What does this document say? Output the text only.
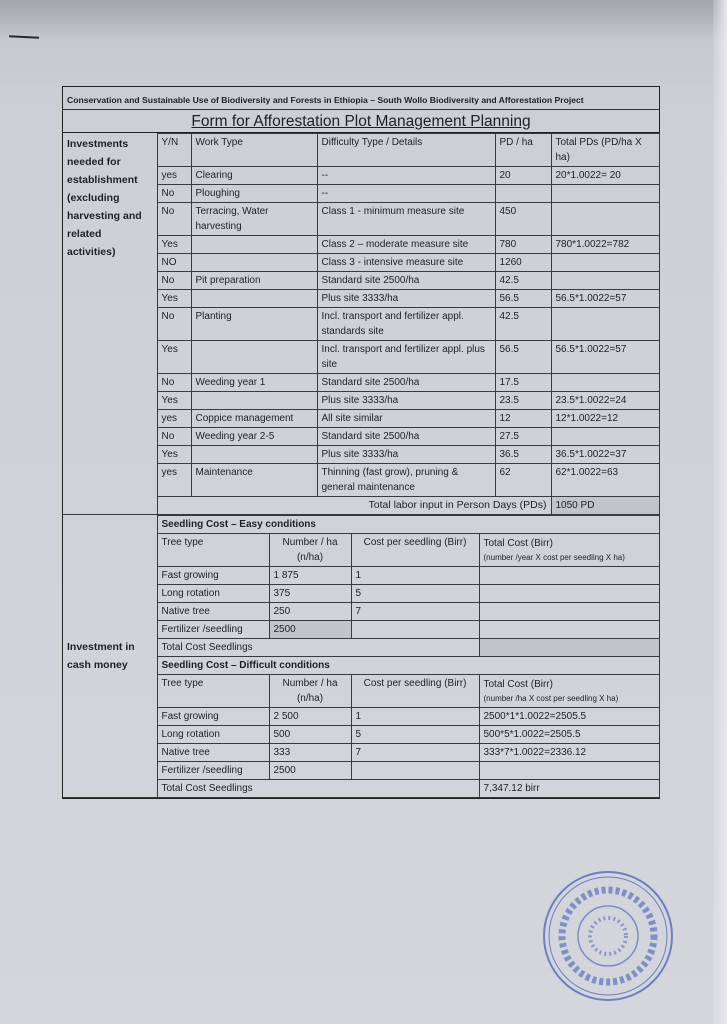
Conservation and Sustainable Use of Biodiversity and Forests in Ethiopia – South Wollo Biodiversity and Afforestation Project
Form for Afforestation Plot Management Planning
Investments needed for establishment (excluding harvesting and related activities)	Y/N	Work Type	Difficulty Type / Details	PD / ha	Total PDs (PD/ha X ha)
	yes	Clearing	--	20	20*1.0022= 20
	No	Ploughing	--		
	No	Terracing, Water harvesting	Class 1 - minimum measure site	450	
	Yes		Class 2 – moderate measure site	780	780*1.0022=782
	NO		Class 3 - intensive measure site	1260	
	No	Pit preparation	Standard site 2500/ha	42.5	
	Yes		Plus site 3333/ha	56.5	56.5*1.0022=57
	No	Planting	Incl. transport and fertilizer appl. standards site	42.5	
	Yes		Incl. transport and fertilizer appl. plus site	56.5	56.5*1.0022=57
	No	Weeding year 1	Standard site 2500/ha	17.5	
	Yes		Plus site 3333/ha	23.5	23.5*1.0022=24
	yes	Coppice management	All site similar	12	12*1.0022=12
	No	Weeding year 2-5	Standard site 2500/ha	27.5	
	Yes		Plus site 3333/ha	36.5	36.5*1.0022=37
	yes	Maintenance	Thinning (fast grow), pruning & general maintenance	62	62*1.0022=63
	Total labor input in Person Days (PDs)				1050 PD
Investment in cash money	Seedling Cost – Easy conditions			
	Tree type	Number / ha (n/ha)	Cost per seedling (Birr)	Total Cost (Birr)
(number /year X cost per seedling X ha)

	Fast growing	1 875	1	
	Long rotation	375	5	
	Native tree	250	7	
	Fertilizer /seedling	2500		
	Total Cost Seedlings			
	Seedling Cost – Difficult conditions			
	Tree type	Number / ha (n/ha)	Cost per seedling (Birr)	Total Cost (Birr)
(number /ha X cost per seedling X ha)

	Fast growing	2 500	1	2500*1*1.0022=2505.5
	Long rotation	500	5	500*5*1.0022=2505.5
	Native tree	333	7	333*7*1.0022=2336.12
	Fertilizer /seedling	2500		
	Total Cost Seedlings			7,347.12 birr
